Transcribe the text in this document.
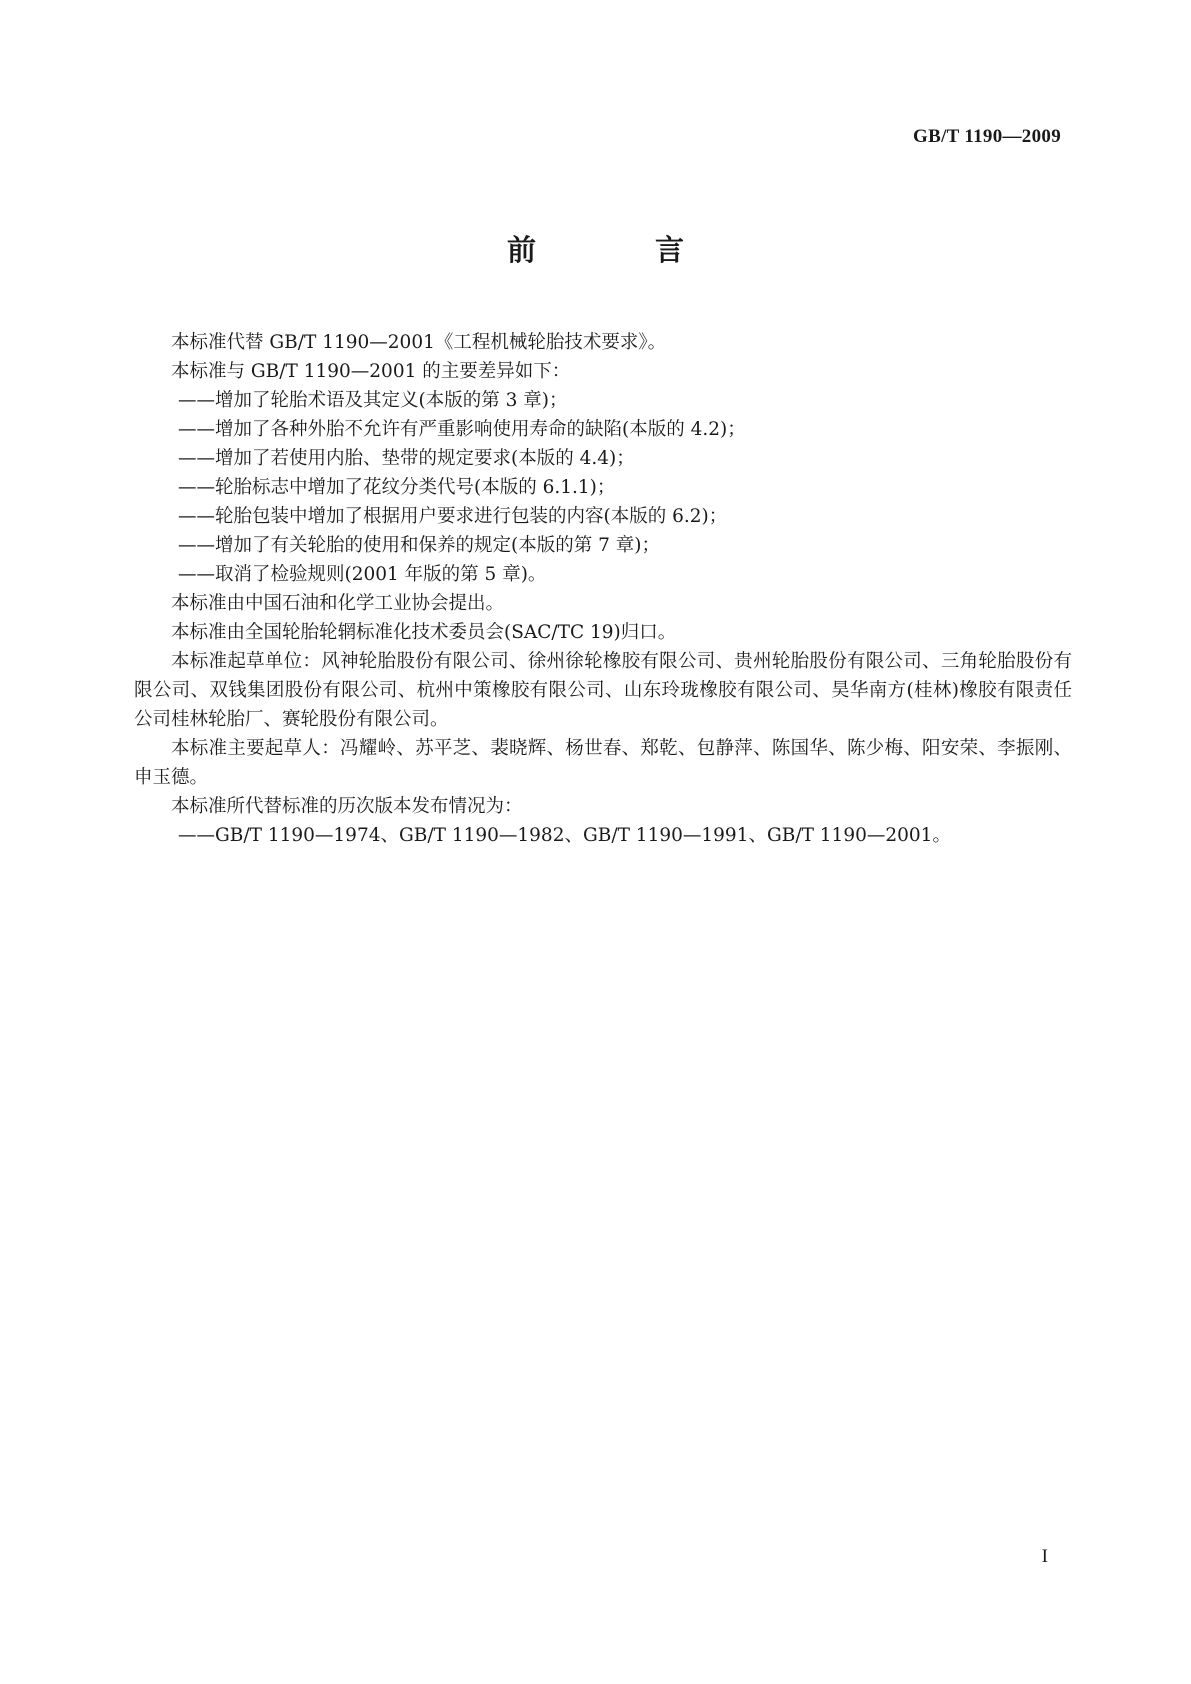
GB/T 1190—2009

前　言

本标准代替 GB/T 1190—2001《工程机械轮胎技术要求》。

本标准与 GB/T 1190—2001 的主要差异如下：

——增加了轮胎术语及其定义(本版的第 3 章)；

——增加了各种外胎不允许有严重影响使用寿命的缺陷(本版的 4.2)；

——增加了若使用内胎、垫带的规定要求(本版的 4.4)；

——轮胎标志中增加了花纹分类代号(本版的 6.1.1)；

——轮胎包装中增加了根据用户要求进行包装的内容(本版的 6.2)；

——增加了有关轮胎的使用和保养的规定(本版的第 7 章)；

——取消了检验规则(2001 年版的第 5 章)。

本标准由中国石油和化学工业协会提出。

本标准由全国轮胎轮辋标准化技术委员会(SAC/TC 19)归口。

本标准起草单位：风神轮胎股份有限公司、徐州徐轮橡胶有限公司、贵州轮胎股份有限公司、三角轮胎股份有限公司、双钱集团股份有限公司、杭州中策橡胶有限公司、山东玲珑橡胶有限公司、昊华南方(桂林)橡胶有限责任公司桂林轮胎厂、赛轮股份有限公司。

本标准主要起草人：冯耀岭、苏平芝、裴晓辉、杨世春、郑乾、包静萍、陈国华、陈少梅、阳安荣、李振刚、申玉德。

本标准所代替标准的历次版本发布情况为：

——GB/T 1190—1974、GB/T 1190—1982、GB/T 1190—1991、GB/T 1190—2001。

I
